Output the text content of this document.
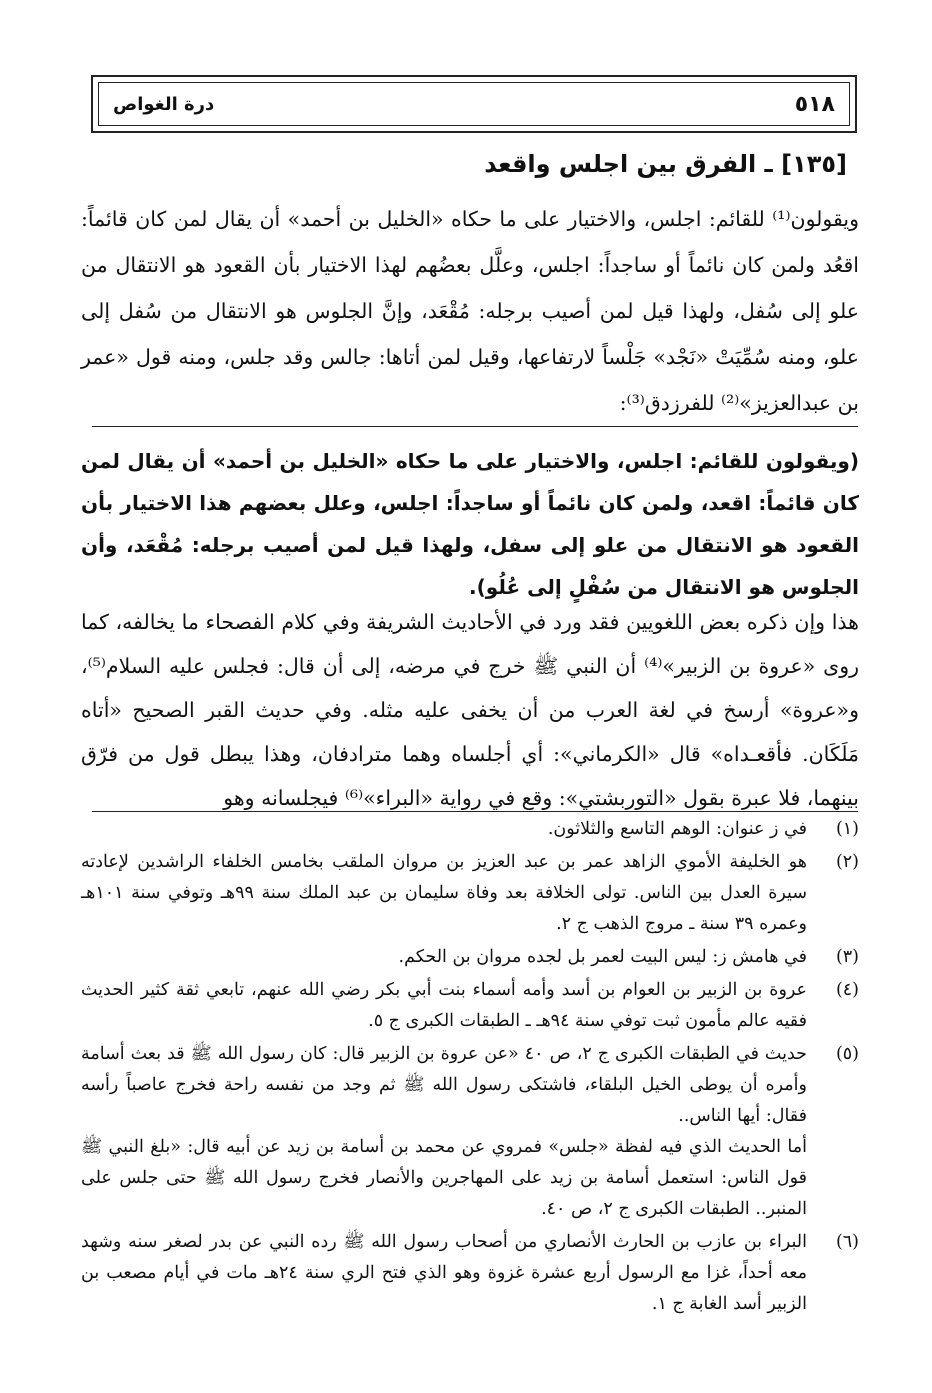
٥١٨
درة الغواص
[١٣٥] ـ الفرق بين اجلس واقعد
ويقولون⁽¹⁾ للقائم: اجلس، والاختيار على ما حكاه «الخليل بن أحمد» أن يقال لمن كان قائماً: اقعُد ولمن كان نائماً أو ساجداً: اجلس، وعلَّل بعضُهم لهذا الاختيار بأن القعود هو الانتقال من علو إلى سُفل، ولهذا قيل لمن أصيب برجله: مُقْعَد، وإنَّ الجلوس هو الانتقال من سُفل إلى علو، ومنه سُمِّيَتْ «نَجْد» جَلْساً لارتفاعها، وقيل لمن أتاها: جالس وقد جلس، ومنه قول «عمر بن عبدالعزيز»⁽²⁾ للفرزدق⁽³⁾:
(ويقولون للقائم: اجلس، والاختيار على ما حكاه «الخليل بن أحمد» أن يقال لمن كان قائماً: اقعد، ولمن كان نائماً أو ساجداً: اجلس، وعلل بعضهم هذا الاختيار بأن القعود هو الانتقال من علو إلى سفل، ولهذا قيل لمن أصيب برجله: مُقْعَد، وأن الجلوس هو الانتقال من سُفْلٍ إلى عُلُو).
هذا وإن ذكره بعض اللغويين فقد ورد في الأحاديث الشريفة وفي كلام الفصحاء ما يخالفه، كما روى «عروة بن الزبير»⁽⁴⁾ أن النبي ﷺ خرج في مرضه، إلى أن قال: فجلس عليه السلام⁽⁵⁾، و«عروة» أرسخ في لغة العرب من أن يخفى عليه مثله. وفي حديث القبر الصحيح «أتاه مَلَكَان. فأقعـداه» قال «الكرماني»: أي أجلساه وهما مترادفان، وهذا يبطل قول من فرّق بينهما، فلا عبرة بقول «التوربشتي»: وقع في رواية «البراء»⁽⁶⁾ فيجلسانه وهو
(١)
في ز عنوان: الوهم التاسع والثلاثون.
(٢)
هو الخليفة الأموي الزاهد عمر بن عبد العزيز بن مروان الملقب بخامس الخلفاء الراشدين لإعادته سيرة العدل بين الناس. تولى الخلافة بعد وفاة سليمان بن عبد الملك سنة ٩٩هـ وتوفي سنة ١٠١هـ وعمره ٣٩ سنة ـ مروج الذهب ج ٢.
(٣)
في هامش ز: ليس البيت لعمر بل لجده مروان بن الحكم.
(٤)
عروة بن الزبير بن العوام بن أسد وأمه أسماء بنت أبي بكر رضي الله عنهم، تابعي ثقة كثير الحديث فقيه عالم مأمون ثبت توفي سنة ٩٤هـ ـ الطبقات الكبرى ج ٥.
(٥)
حديث في الطبقات الكبرى ج ٢، ص ٤٠ «عن عروة بن الزبير قال: كان رسول الله ﷺ قد بعث أسامة وأمره أن يوطى الخيل البلقاء، فاشتكى رسول الله ﷺ ثم وجد من نفسه راحة فخرج عاصباً رأسه فقال: أيها الناس..
أما الحديث الذي فيه لفظة «جلس» فمروي عن محمد بن أسامة بن زيد عن أبيه قال: «بلغ النبي ﷺ قول الناس: استعمل أسامة بن زيد على المهاجرين والأنصار فخرج رسول الله ﷺ حتى جلس على المنبر.. الطبقات الكبرى ج ٢، ص ٤٠.
(٦)
البراء بن عازب بن الحارث الأنصاري من أصحاب رسول الله ﷺ رده النبي عن بدر لصغر سنه وشهد معه أحداً، غزا مع الرسول أربع عشرة غزوة وهو الذي فتح الري سنة ٢٤هـ مات في أيام مصعب بن الزبير أسد الغابة ج ١.
